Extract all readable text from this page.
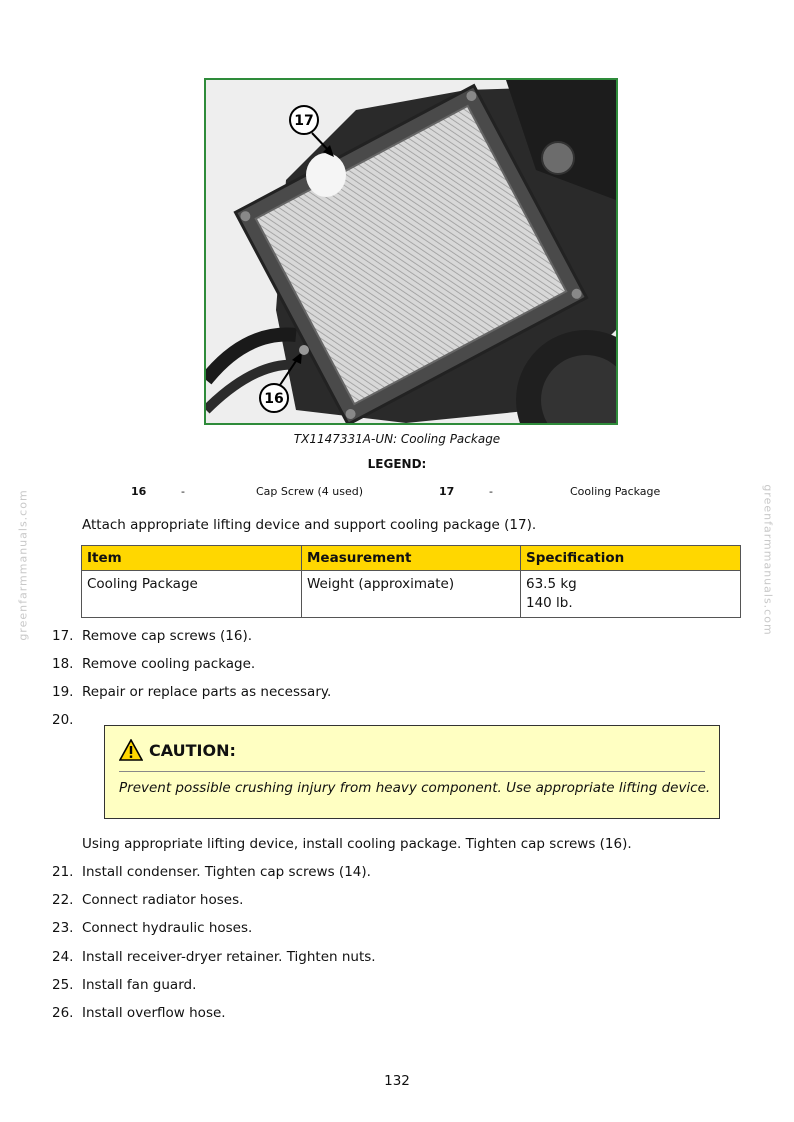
17
16
TX1147331A-UN: Cooling Package
LEGEND:
16	-	Cap Screw (4 used)	17	-	Cooling Package
greenfarmmanuals.com	greenfarmmanuals.com
Attach appropriate lifting device and support cooling package (17).
Item	Measurement	Specification
Cooling Package	Weight (approximate)	63.5 kg
140 lb.
17. Remove cap screws (16).
18. Remove cooling package.
19. Repair or replace parts as necessary.
20.
CAUTION:
Prevent possible crushing injury from heavy component. Use appropriate lifting device.
Using appropriate lifting device, install cooling package. Tighten cap screws (16).
21. Install condenser. Tighten cap screws (14).
22. Connect radiator hoses.
23. Connect hydraulic hoses.
24. Install receiver-dryer retainer. Tighten nuts.
25. Install fan guard.
26. Install overflow hose.
132
